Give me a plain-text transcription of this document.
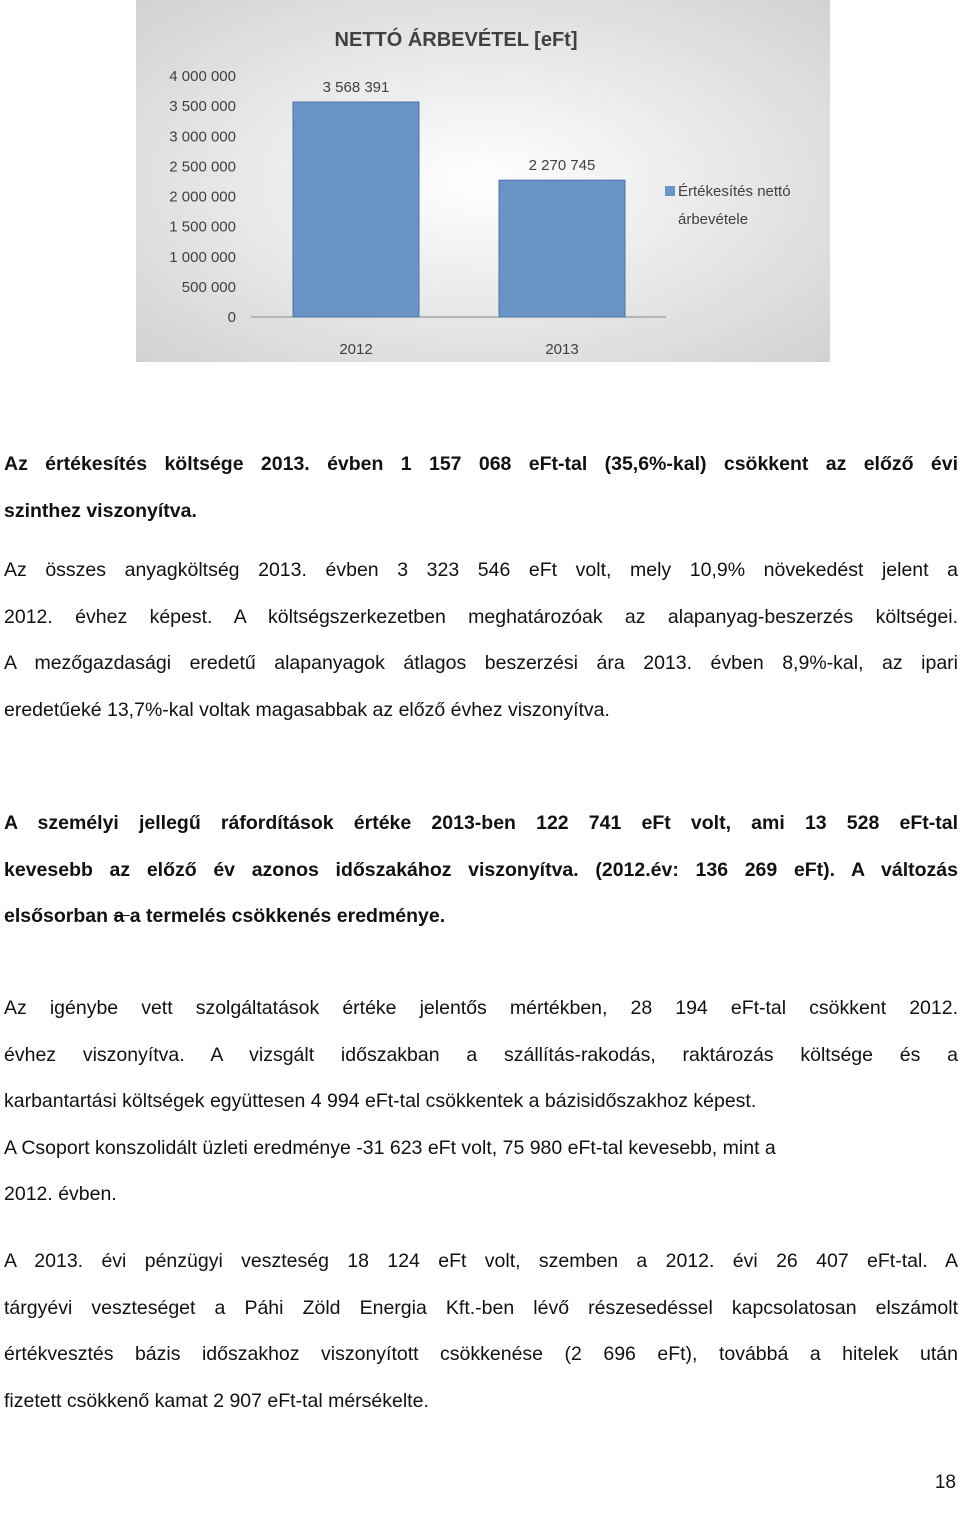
NETTÓ ÁRBEVÉTEL [eFt]
0
500 000
1 000 000
1 500 000
2 000 000
2 500 000
3 000 000
3 500 000
4 000 000
2012	2013
3 568 391
2 270 745
Értékesítés nettó
árbevétele
Az értékesítés költsége 2013. évben 1 157 068 eFt-tal (35,6%-kal) csökkent az előző évi
szinthez viszonyítva.
Az összes anyagköltség 2013. évben 3 323 546 eFt volt, mely 10,9% növekedést jelent a
2012. évhez képest. A költségszerkezetben meghatározóak az alapanyag-beszerzés költségei.
A mezőgazdasági eredetű alapanyagok átlagos beszerzési ára 2013. évben 8,9%-kal, az ipari
eredetűeké 13,7%-kal voltak magasabbak az előző évhez viszonyítva.
A személyi jellegű ráfordítások értéke 2013-ben 122 741 eFt volt, ami 13 528 eFt-tal
kevesebb az előző év azonos időszakához viszonyítva. (2012.év: 136 269 eFt). A változás
elsősorban a a termelés csökkenés eredménye.
Az igénybe vett szolgáltatások értéke jelentős mértékben, 28 194 eFt-tal csökkent 2012.
évhez viszonyítva. A vizsgált időszakban a szállítás-rakodás, raktározás költsége és a
karbantartási költségek együttesen 4 994 eFt-tal csökkentek a bázisidőszakhoz képest.
A Csoport konszolidált üzleti eredménye -31 623 eFt volt, 75 980 eFt-tal kevesebb, mint a
2012. évben.
A 2013. évi pénzügyi veszteség 18 124 eFt volt, szemben a 2012. évi 26 407 eFt-tal. A
tárgyévi veszteséget a Páhi Zöld Energia Kft.-ben lévő részesedéssel kapcsolatosan elszámolt
értékvesztés bázis időszakhoz viszonyított csökkenése (2 696 eFt), továbbá a hitelek után
fizetett csökkenő kamat 2 907 eFt-tal mérsékelte.
18
